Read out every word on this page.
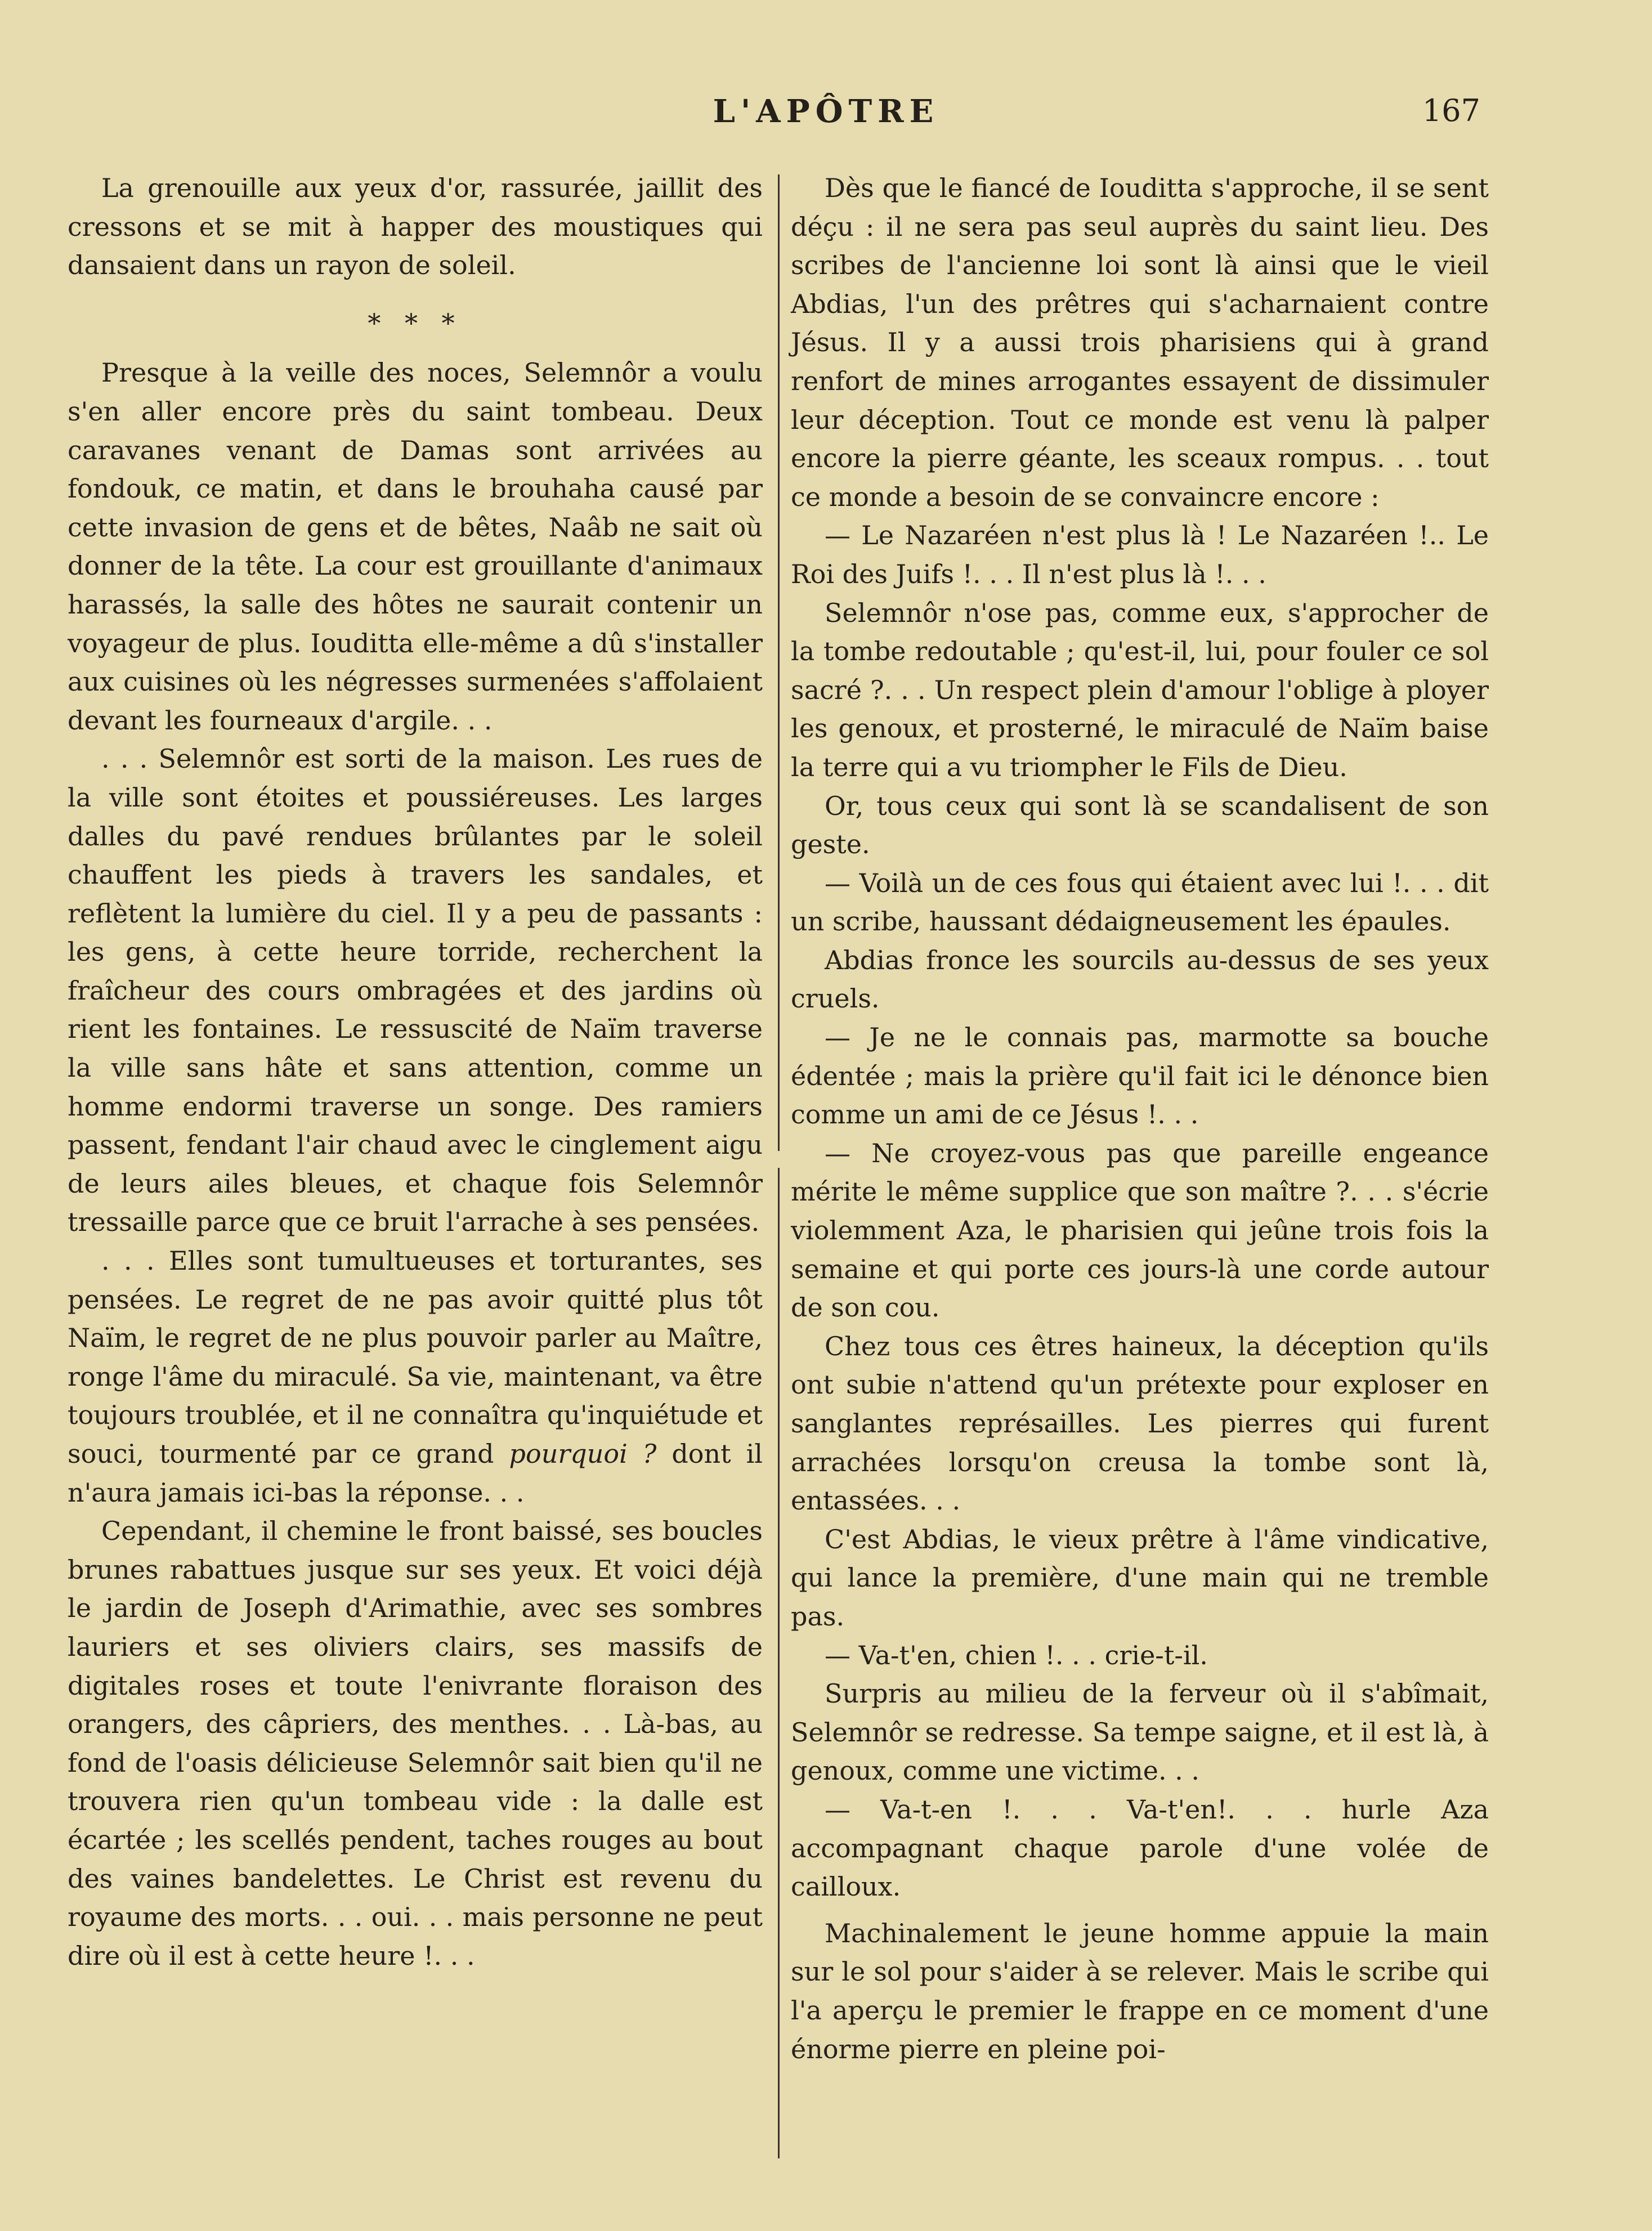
L'APÔTRE	167

La grenouille aux yeux d'or, rassurée, jaillit des cressons et se mit à happer des moustiques qui dansaient dans un rayon de soleil.

* * *

Presque à la veille des noces, Selemnôr a voulu s'en aller encore près du saint tombeau. Deux caravanes venant de Damas sont arrivées au fondouk, ce matin, et dans le brouhaha causé par cette invasion de gens et de bêtes, Naâb ne sait où donner de la tête. La cour est grouillante d'animaux harassés, la salle des hôtes ne saurait contenir un voyageur de plus. Iouditta elle-même a dû s'installer aux cuisines où les négresses surmenées s'affolaient devant les fourneaux d'argile. . .

. . . Selemnôr est sorti de la maison. Les rues de la ville sont étoites et poussiéreuses. Les larges dalles du pavé rendues brûlantes par le soleil chauffent les pieds à travers les sandales, et reflètent la lumière du ciel. Il y a peu de passants : les gens, à cette heure torride, recherchent la fraîcheur des cours ombragées et des jardins où rient les fontaines. Le ressuscité de Naïm traverse la ville sans hâte et sans attention, comme un homme endormi traverse un songe. Des ramiers passent, fendant l'air chaud avec le cinglement aigu de leurs ailes bleues, et chaque fois Selemnôr tressaille parce que ce bruit l'arrache à ses pensées.

. . . Elles sont tumultueuses et torturantes, ses pensées. Le regret de ne pas avoir quitté plus tôt Naïm, le regret de ne plus pouvoir parler au Maître, ronge l'âme du miraculé. Sa vie, maintenant, va être toujours troublée, et il ne connaîtra qu'inquiétude et souci, tourmenté par ce grand pourquoi ? dont il n'aura jamais ici-bas la réponse. . .

Cependant, il chemine le front baissé, ses boucles brunes rabattues jusque sur ses yeux. Et voici déjà le jardin de Joseph d'Arimathie, avec ses sombres lauriers et ses oliviers clairs, ses massifs de digitales roses et toute l'enivrante floraison des orangers, des câpriers, des menthes. . . Là-bas, au fond de l'oasis délicieuse Selemnôr sait bien qu'il ne trouvera rien qu'un tombeau vide : la dalle est écartée ; les scellés pendent, taches rouges au bout des vaines bandelettes. Le Christ est revenu du royaume des morts. . . oui. . . mais personne ne peut dire où il est à cette heure !. . .

Dès que le fiancé de Iouditta s'approche, il se sent déçu : il ne sera pas seul auprès du saint lieu. Des scribes de l'ancienne loi sont là ainsi que le vieil Abdias, l'un des prêtres qui s'acharnaient contre Jésus. Il y a aussi trois pharisiens qui à grand renfort de mines arrogantes essayent de dissimuler leur déception. Tout ce monde est venu là palper encore la pierre géante, les sceaux rompus. . . tout ce monde a besoin de se convaincre encore :

— Le Nazaréen n'est plus là ! Le Nazaréen !.. Le Roi des Juifs !. . . Il n'est plus là !. . .

Selemnôr n'ose pas, comme eux, s'approcher de la tombe redoutable ; qu'est-il, lui, pour fouler ce sol sacré ?. . . Un respect plein d'amour l'oblige à ployer les genoux, et prosterné, le miraculé de Naïm baise la terre qui a vu triompher le Fils de Dieu.

Or, tous ceux qui sont là se scandalisent de son geste.

— Voilà un de ces fous qui étaient avec lui !. . . dit un scribe, haussant dédaigneusement les épaules.

Abdias fronce les sourcils au-dessus de ses yeux cruels.

— Je ne le connais pas, marmotte sa bouche édentée ; mais la prière qu'il fait ici le dénonce bien comme un ami de ce Jésus !. . .

— Ne croyez-vous pas que pareille engeance mérite le même supplice que son maître ?. . . s'écrie violemment Aza, le pharisien qui jeûne trois fois la semaine et qui porte ces jours-là une corde autour de son cou.

Chez tous ces êtres haineux, la déception qu'ils ont subie n'attend qu'un prétexte pour exploser en sanglantes représailles. Les pierres qui furent arrachées lorsqu'on creusa la tombe sont là, entassées. . .

C'est Abdias, le vieux prêtre à l'âme vindicative, qui lance la première, d'une main qui ne tremble pas.

— Va-t'en, chien !. . . crie-t-il.

Surpris au milieu de la ferveur où il s'abîmait, Selemnôr se redresse. Sa tempe saigne, et il est là, à genoux, comme une victime. . .

— Va-t-en !. . . Va-t'en!. . . hurle Aza accompagnant chaque parole d'une volée de cailloux.

Machinalement le jeune homme appuie la main sur le sol pour s'aider à se relever. Mais le scribe qui l'a aperçu le premier le frappe en ce moment d'une énorme pierre en pleine poi-
